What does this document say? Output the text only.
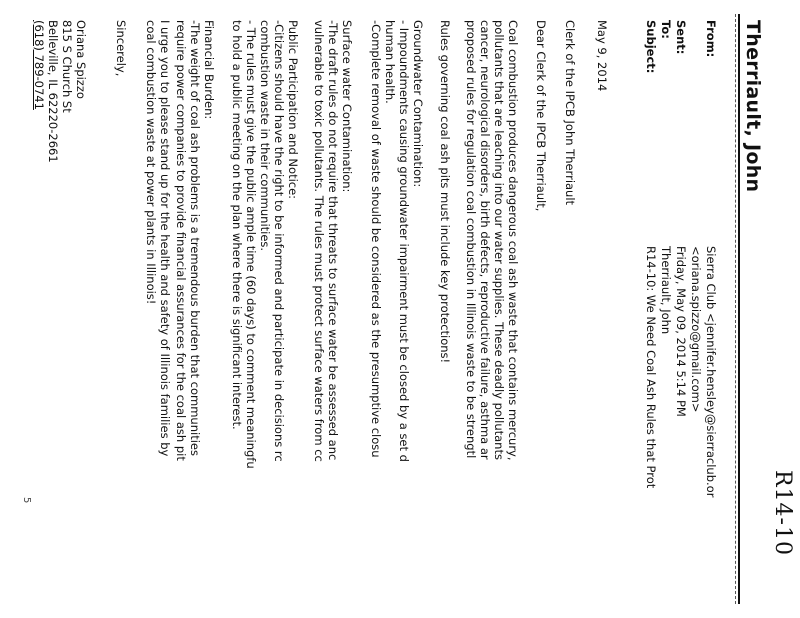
R14-10
Therriault, John
From:
Sent:
To:
Subject:
Sierra Club <jennifer.hensley@sierraclub.or
<oriana.spizzo@gmail.com>
Friday, May 09, 2014 5:14 PM
Therriault, John
R14-10: We Need Coal Ash Rules that Prot
May 9, 2014
Clerk of the IPCB John Therriault
Dear Clerk of the IPCB Therriault,
Coal combustion produces dangerous coal ash waste that contains mercury,
pollutants that are leaching into our water supplies. These deadly pollutants
cancer, neurological disorders, birth defects, reproductive failure, asthma ar
proposed rules for regulation coal combustion in Illinois waste to be strengtl
Rules governing coal ash pits must include key protections!
Groundwater Contamination:
- Impoundments causing groundwater impairment must be closed by a set d
human health.
-Complete removal of waste should be considered as the presumptive closu
Surface water Contamination:
-The draft rules do not require that threats to surface water be assessed anc
vulnerable to toxic pollutants. The rules must protect surface waters from cc
Public Participation and Notice:
-Citizens should have the right to be informed and participate in decisions rc
combustion waste in their communities.
- The rules must give the public ample time (60 days) to comment meaningfu
to hold a public meeting on the plan where there is significant interest.
Financial Burden:
-The weight of coal ash problems is a tremendous burden that communities
require power companies to provide financial assurances for the coal ash pit
I urge you to please stand up for the health and safety of Illinois families by
coal combustion waste at power plants in Illinois!
Sincerely,
Oriana Spizzo
815 S Church St
Belleville, IL 62220-2661
(618) 789-0741
5
